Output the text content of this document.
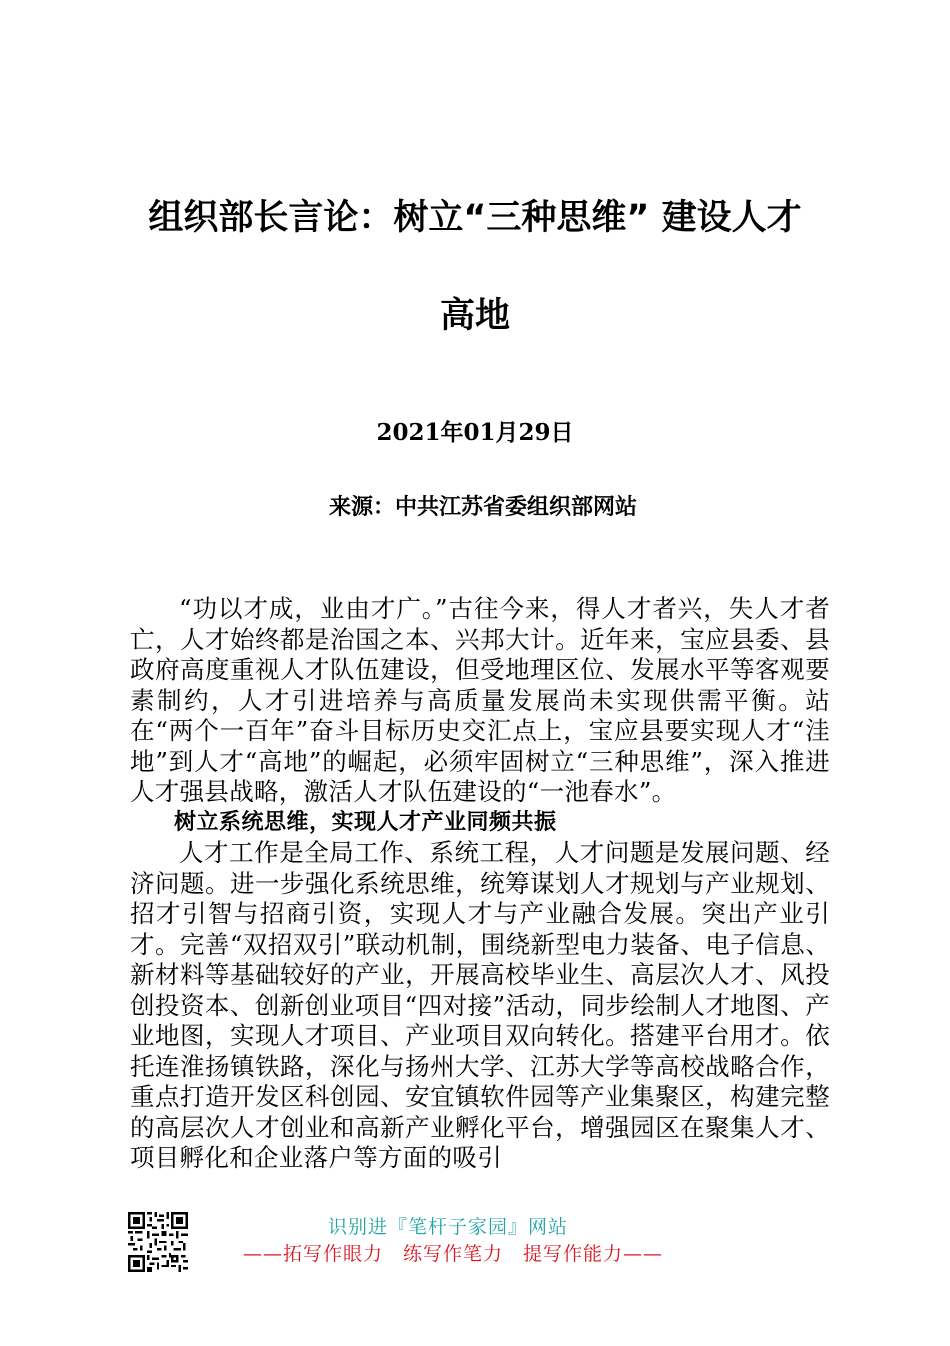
组织部长言论：树立“三种思维” 建设人才
高地
2021年01月29日
来源：中共江苏省委组织部网站

“功以才成，业由才广。”古往今来，得人才者兴，失人才者亡，人才始终都是治国之本、兴邦大计。近年来，宝应县委、县政府高度重视人才队伍建设，但受地理区位、发展水平等客观要素制约，人才引进培养与高质量发展尚未实现供需平衡。站在“两个一百年”奋斗目标历史交汇点上，宝应县要实现人才“洼地”到人才“高地”的崛起，必须牢固树立“三种思维”，深入推进人才强县战略，激活人才队伍建设的“一池春水”。

树立系统思维，实现人才产业同频共振

人才工作是全局工作、系统工程，人才问题是发展问题、经济问题。进一步强化系统思维，统筹谋划人才规划与产业规划、招才引智与招商引资，实现人才与产业融合发展。突出产业引才。完善“双招双引”联动机制，围绕新型电力装备、电子信息、新材料等基础较好的产业，开展高校毕业生、高层次人才、风投创投资本、创新创业项目“四对接”活动，同步绘制人才地图、产业地图，实现人才项目、产业项目双向转化。搭建平台用才。依托连淮扬镇铁路，深化与扬州大学、江苏大学等高校战略合作，重点打造开发区科创园、安宜镇软件园等产业集聚区，构建完整的高层次人才创业和高新产业孵化平台，增强园区在聚集人才、项目孵化和企业落户等方面的吸引

识别进『笔杆子家园』网站
——拓写作眼力　练写作笔力　提写作能力——
